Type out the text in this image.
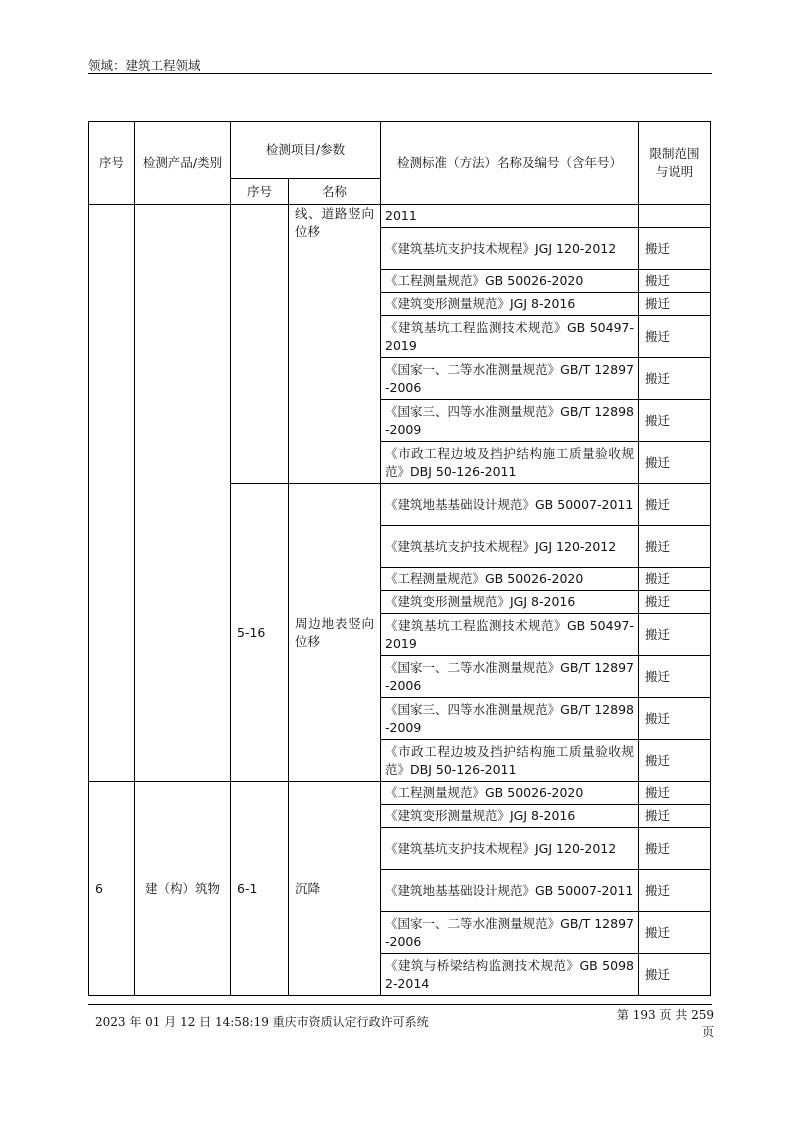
领域：建筑工程领域
序号	检测产品/类别	检测项目/参数		检测标准（方法）名称及编号（含年号）	限制范围与说明
		序号	名称		
			线、道路竖向位移	2011	
				《建筑基坑支护技术规程》JGJ 120-2012	搬迁
				《工程测量规范》GB 50026-2020	搬迁
				《建筑变形测量规范》JGJ 8-2016	搬迁
				《建筑基坑工程监测技术规范》GB 50497-2019	搬迁
				《国家一、二等水准测量规范》GB/T 12897-2006	搬迁
				《国家三、四等水准测量规范》GB/T 12898-2009	搬迁
				《市政工程边坡及挡护结构施工质量验收规范》DBJ 50-126-2011	搬迁
		5-16	周边地表竖向位移	《建筑地基基础设计规范》GB 50007-2011	搬迁
				《建筑基坑支护技术规程》JGJ 120-2012	搬迁
				《工程测量规范》GB 50026-2020	搬迁
				《建筑变形测量规范》JGJ 8-2016	搬迁
				《建筑基坑工程监测技术规范》GB 50497-2019	搬迁
				《国家一、二等水准测量规范》GB/T 12897-2006	搬迁
				《国家三、四等水准测量规范》GB/T 12898-2009	搬迁
				《市政工程边坡及挡护结构施工质量验收规范》DBJ 50-126-2011	搬迁
6	建（构）筑物	6-1	沉降	《工程测量规范》GB 50026-2020	搬迁
				《建筑变形测量规范》JGJ 8-2016	搬迁
				《建筑基坑支护技术规程》JGJ 120-2012	搬迁
				《建筑地基基础设计规范》GB 50007-2011	搬迁
				《国家一、二等水准测量规范》GB/T 12897-2006	搬迁
				《建筑与桥梁结构监测技术规范》GB 50982-2014	搬迁
2023 年 01 月 12 日 14:58:19 重庆市资质认定行政许可系统	第 193 页 共 259 页
